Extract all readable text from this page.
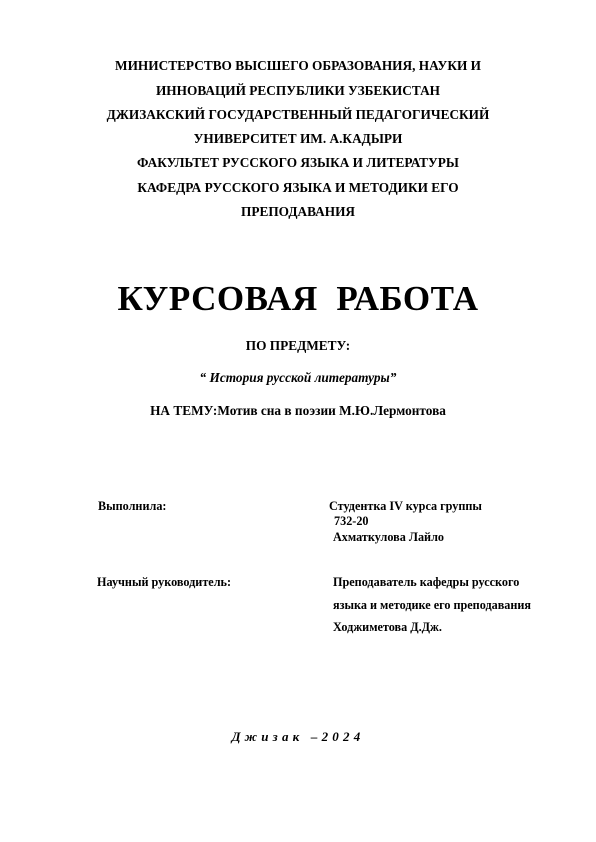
МИНИСТЕРСТВО ВЫСШЕГО ОБРАЗОВАНИЯ, НАУКИ И
ИННОВАЦИЙ РЕСПУБЛИКИ УЗБЕКИСТАН
ДЖИЗАКСКИЙ ГОСУДАРСТВЕННЫЙ ПЕДАГОГИЧЕСКИЙ
УНИВЕРСИТЕТ ИМ. А.КАДЫРИ
ФАКУЛЬТЕТ РУССКОГО ЯЗЫКА И ЛИТЕРАТУРЫ
КАФЕДРА РУССКОГО ЯЗЫКА И МЕТОДИКИ ЕГО
ПРЕПОДАВАНИЯ
КУРСОВАЯ  РАБОТА
ПО ПРЕДМЕТУ:
“ История русской литературы”
НА ТЕМУ:Мотив сна в поэзии М.Ю.Лермонтова
Выполнила:	Студентка IV курса группы
732-20
Ахматкулова Лайло
Научный руководитель:	Преподаватель кафедры русского
языка и методике его преподавания
Ходжиметова Д.Дж.
Джизак –2024
